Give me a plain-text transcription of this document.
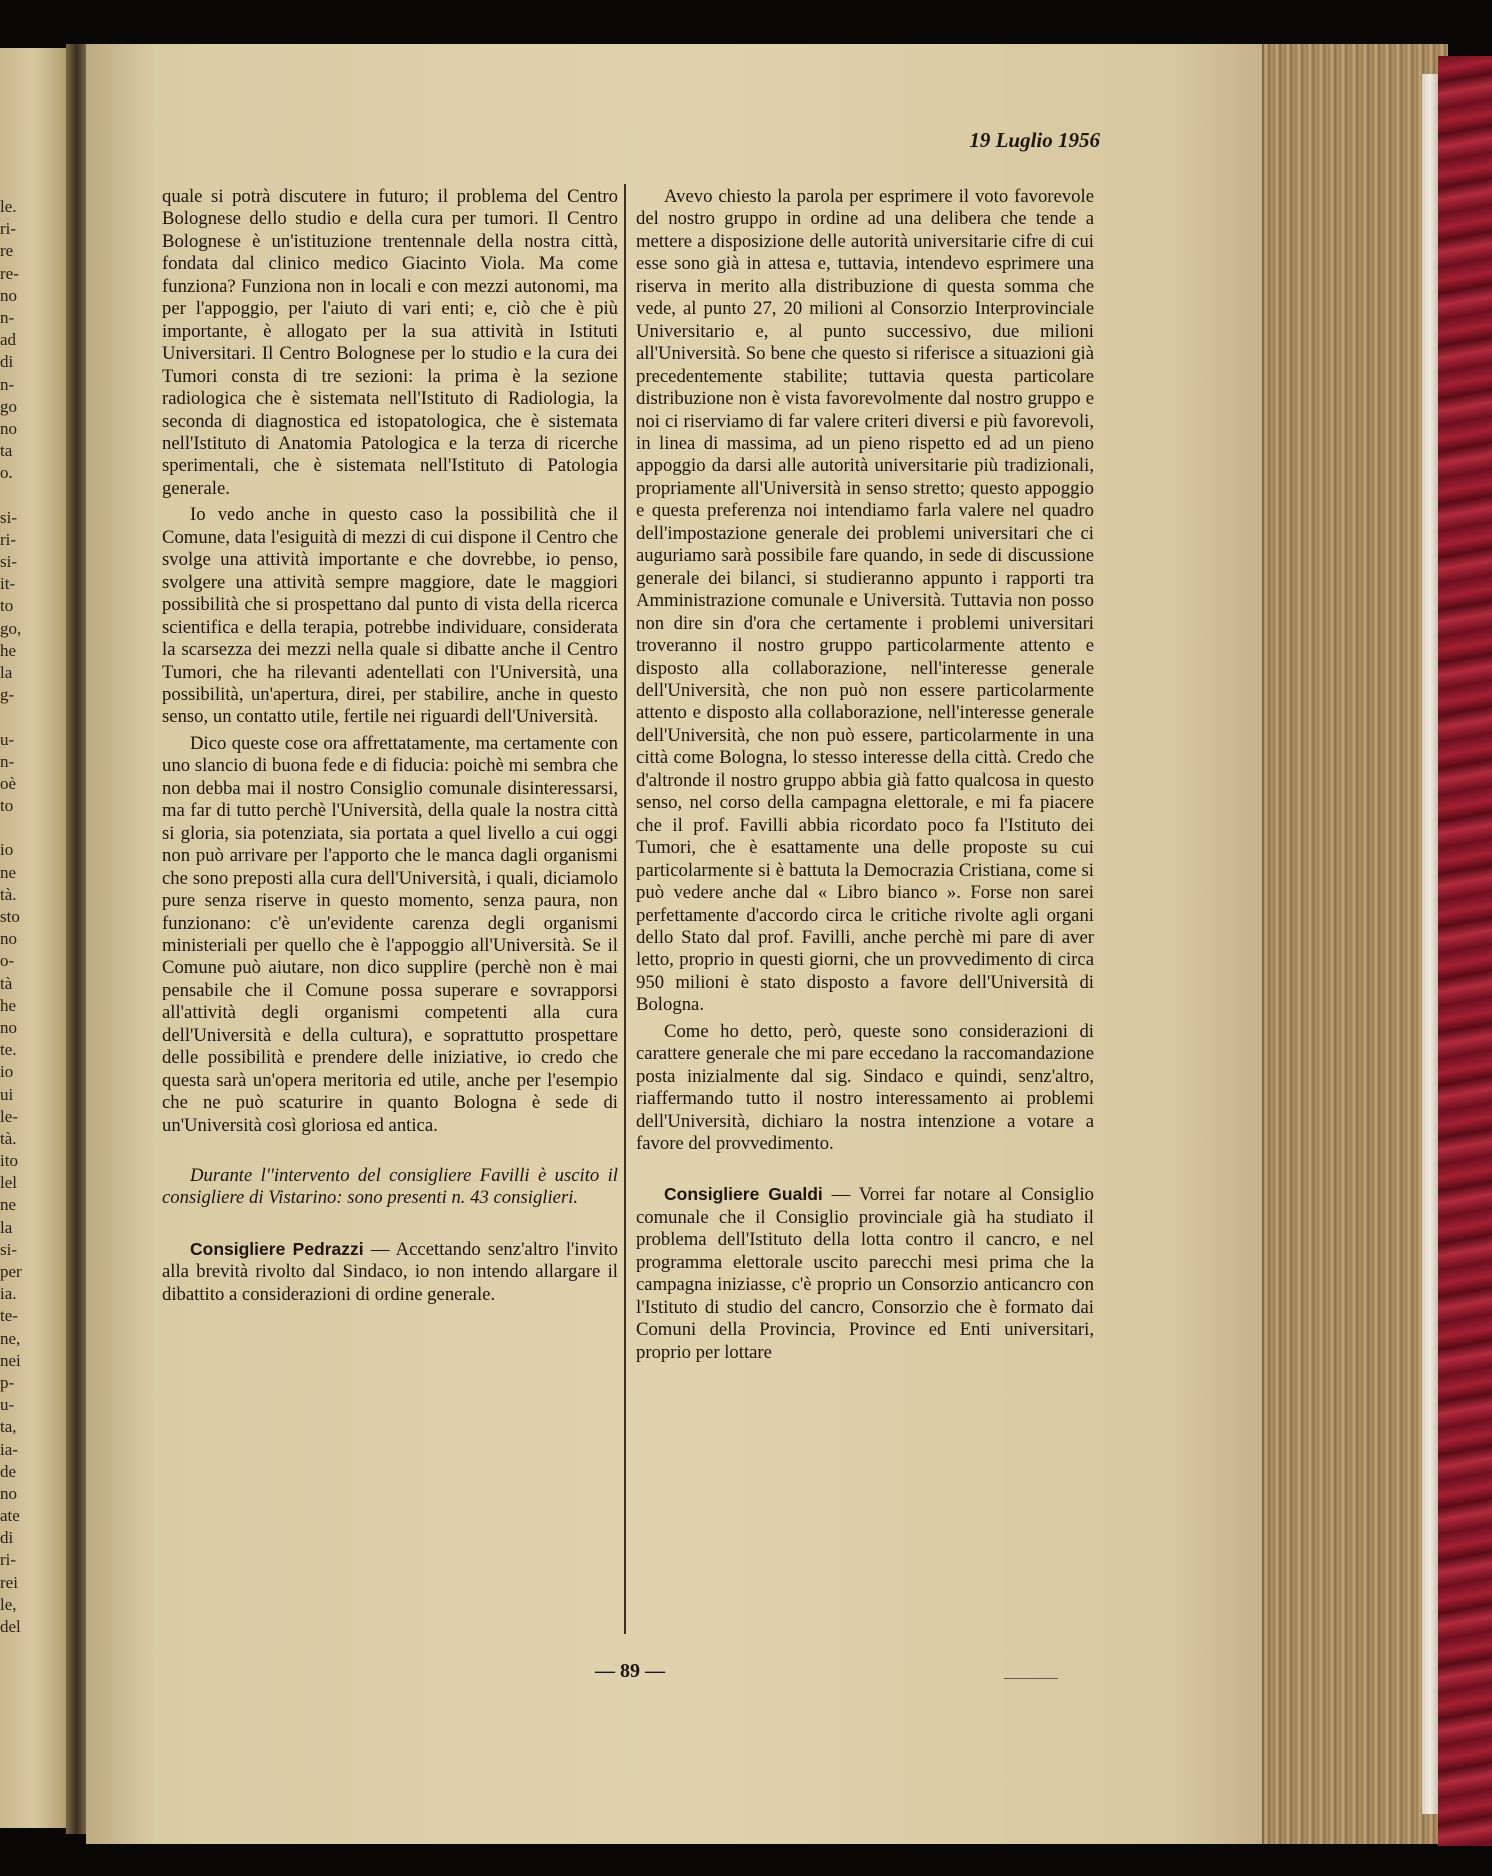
le.
ri-
re
re-
no
n-
ad
di
n-
go
no
ta
o.
si-
ri-
si-
it-
to
go,
he
la
g-
u-
n-
oè
to
io
ne
tà.
sto
no
o-
tà
he
no
te.
io
ui
le-
tà.
ito
lel
ne
la
si-
per
ia.
te-
ne,
nei
p-
u-
ta,
ia-
de
no
ate
di
ri-
rei
le,
del
19 Luglio 1956

quale si potrà discutere in futuro; il problema del Centro Bolognese dello studio e della cura per tumori. Il Centro Bolognese è un'istituzione trentennale della nostra città, fondata dal clinico medico Giacinto Viola. Ma come funziona? Funziona non in locali e con mezzi autonomi, ma per l'appoggio, per l'aiuto di vari enti; e, ciò che è più importante, è allogato per la sua attività in Istituti Universitari. Il Centro Bolognese per lo studio e la cura dei Tumori consta di tre sezioni: la prima è la sezione radiologica che è sistemata nell'Istituto di Radiologia, la seconda di diagnostica ed istopatologica, che è sistemata nell'Istituto di Anatomia Patologica e la terza di ricerche sperimentali, che è sistemata nell'Istituto di Patologia generale.

Io vedo anche in questo caso la possibilità che il Comune, data l'esiguità di mezzi di cui dispone il Centro che svolge una attività importante e che dovrebbe, io penso, svolgere una attività sempre maggiore, date le maggiori possibilità che si prospettano dal punto di vista della ricerca scientifica e della terapia, potrebbe individuare, considerata la scarsezza dei mezzi nella quale si dibatte anche il Centro Tumori, che ha rilevanti adentellati con l'Università, una possibilità, un'apertura, direi, per stabilire, anche in questo senso, un contatto utile, fertile nei riguardi dell'Università.

Dico queste cose ora affrettatamente, ma certamente con uno slancio di buona fede e di fiducia: poichè mi sembra che non debba mai il nostro Consiglio comunale disinteressarsi, ma far di tutto perchè l'Università, della quale la nostra città si gloria, sia potenziata, sia portata a quel livello a cui oggi non può arrivare per l'apporto che le manca dagli organismi che sono preposti alla cura dell'Università, i quali, diciamolo pure senza riserve in questo momento, senza paura, non funzionano: c'è un'evidente carenza degli organismi ministeriali per quello che è l'appoggio all'Università. Se il Comune può aiutare, non dico supplire (perchè non è mai pensabile che il Comune possa superare e sovrapporsi all'attività degli organismi competenti alla cura dell'Università e della cultura), e soprattutto prospettare delle possibilità e prendere delle iniziative, io credo che questa sarà un'opera meritoria ed utile, anche per l'esempio che ne può scaturire in quanto Bologna è sede di un'Università così gloriosa ed antica.

Durante l''intervento del consigliere Favilli è uscito il consigliere di Vistarino: sono presenti n. 43 consiglieri.

Consigliere Pedrazzi — Accettando senz'altro l'invito alla brevità rivolto dal Sindaco, io non intendo allargare il dibattito a considerazioni di ordine generale.

Avevo chiesto la parola per esprimere il voto favorevole del nostro gruppo in ordine ad una delibera che tende a mettere a disposizione delle autorità universitarie cifre di cui esse sono già in attesa e, tuttavia, intendevo esprimere una riserva in merito alla distribuzione di questa somma che vede, al punto 27, 20 milioni al Consorzio Interprovinciale Universitario e, al punto successivo, due milioni all'Università. So bene che questo si riferisce a situazioni già precedentemente stabilite; tuttavia questa particolare distribuzione non è vista favorevolmente dal nostro gruppo e noi ci riserviamo di far valere criteri diversi e più favorevoli, in linea di massima, ad un pieno rispetto ed ad un pieno appoggio da darsi alle autorità universitarie più tradizionali, propriamente all'Università in senso stretto; questo appoggio e questa preferenza noi intendiamo farla valere nel quadro dell'impostazione generale dei problemi universitari che ci auguriamo sarà possibile fare quando, in sede di discussione generale dei bilanci, si studieranno appunto i rapporti tra Amministrazione comunale e Università. Tuttavia non posso non dire sin d'ora che certamente i problemi universitari troveranno il nostro gruppo particolarmente attento e disposto alla collaborazione, nell'interesse generale dell'Università, che non può non essere particolarmente attento e disposto alla collaborazione, nell'interesse generale dell'Università, che non può essere, particolarmente in una città come Bologna, lo stesso interesse della città. Credo che d'altronde il nostro gruppo abbia già fatto qualcosa in questo senso, nel corso della campagna elettorale, e mi fa piacere che il prof. Favilli abbia ricordato poco fa l'Istituto dei Tumori, che è esattamente una delle proposte su cui particolarmente si è battuta la Democrazia Cristiana, come si può vedere anche dal « Libro bianco ». Forse non sarei perfettamente d'accordo circa le critiche rivolte agli organi dello Stato dal prof. Favilli, anche perchè mi pare di aver letto, proprio in questi giorni, che un provvedimento di circa 950 milioni è stato disposto a favore dell'Università di Bologna.

Come ho detto, però, queste sono considerazioni di carattere generale che mi pare eccedano la raccomandazione posta inizialmente dal sig. Sindaco e quindi, senz'altro, riaffermando tutto il nostro interessamento ai problemi dell'Università, dichiaro la nostra intenzione a votare a favore del provvedimento.

Consigliere Gualdi — Vorrei far notare al Consiglio comunale che il Consiglio provinciale già ha studiato il problema dell'Istituto della lotta contro il cancro, e nel programma elettorale uscito parecchi mesi prima che la campagna iniziasse, c'è proprio un Consorzio anticancro con l'Istituto di studio del cancro, Consorzio che è formato dai Comuni della Provincia, Province ed Enti universitari, proprio per lottare

— 89 —
